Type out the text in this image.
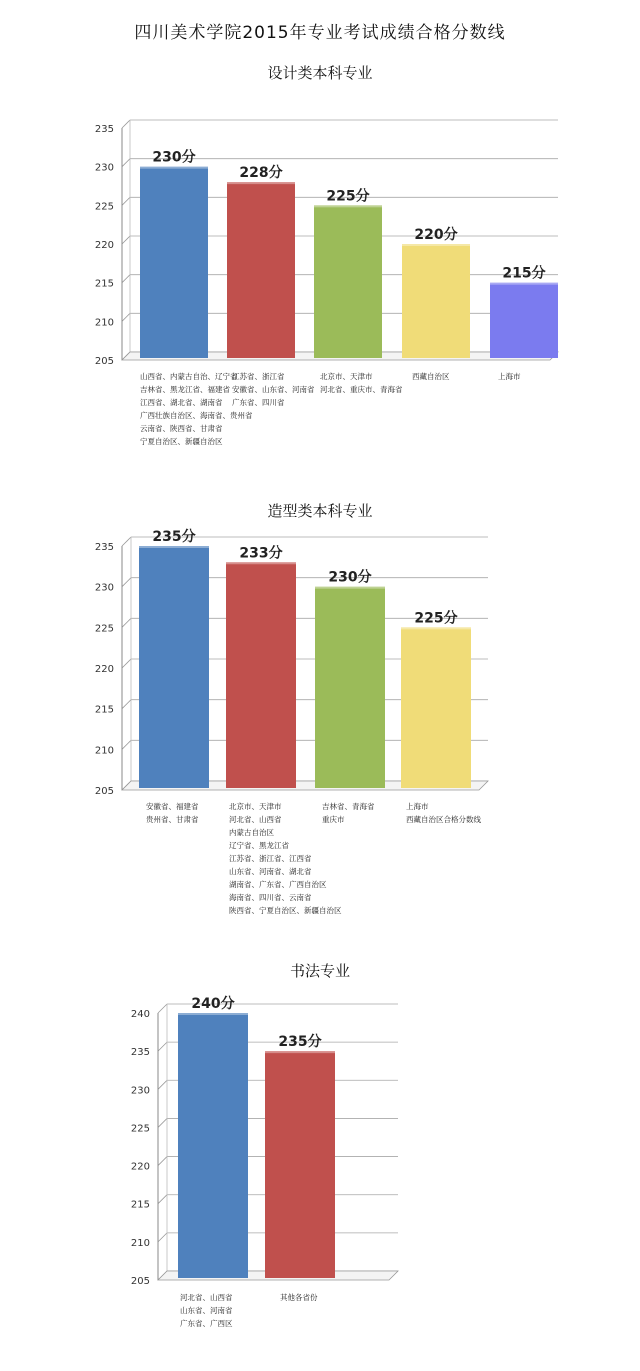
四川美术学院2015年专业考试成绩合格分数线
设计类本科专业
235
230
225
220
215
210
205
230分
228分
225分
220分
215分
山西省、内蒙古自治、辽宁省
吉林省、黑龙江省、福建省
江西省、湖北省、湖南省
广西壮族自治区、海南省、贵州省
云南省、陕西省、甘肃省
宁夏自治区、新疆自治区
江苏省、浙江省
安徽省、山东省、河南省
广东省、四川省
北京市、天津市
河北省、重庆市、青海省
西藏自治区	上海市
造型类本科专业
235
230
225
220
215
210
205
235分
233分
230分
225分
安徽省、福建省
贵州省、甘肃省
北京市、天津市
河北省、山西省
内蒙古自治区
辽宁省、黑龙江省
江苏省、浙江省、江西省
山东省、河南省、湖北省
湖南省、广东省、广西自治区
海南省、四川省、云南省
陕西省、宁夏自治区、新疆自治区
吉林省、青海省
重庆市
上海市
西藏自治区合格分数线
书法专业
240
235
230
225
220
215
210
205
240分
235分
河北省、山西省
山东省、河南省
广东省、广西区
其他各省份
